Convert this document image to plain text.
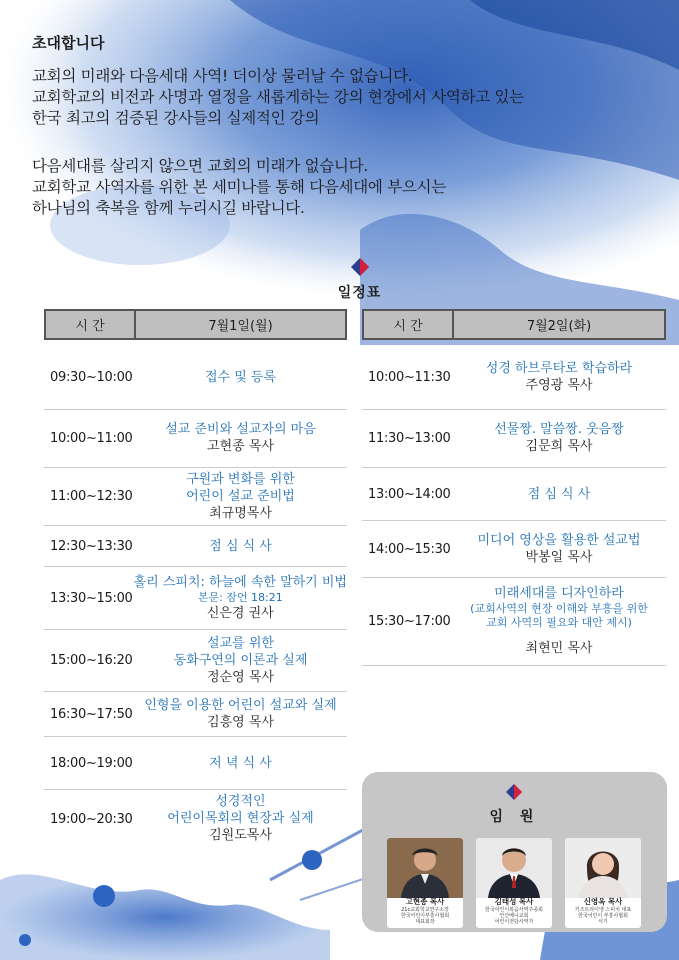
초대합니다
교회의 미래와 다음세대 사역! 더이상 물러날 수 없습니다.
교회학교의 비전과 사명과 열정을 새롭게하는 강의 현장에서 사역하고 있는
한국 최고의 검증된 강사들의 실제적인 강의
다음세대를 살리지 않으면 교회의 미래가 없습니다.
교회학교 사역자를 위한 본 세미나를 통해 다음세대에 부으시는
하나님의 축복을 함께 누리시길 바랍니다.
일정표
시 간	7월1일(월)	시 간	7월2일(화)
09:30~10:00	접수 및 등록
10:00~11:00
설교 준비와 설교자의 마음
고현종 목사
11:00~12:30
구원과 변화를 위한
어린이 설교 준비법
최규명목사
12:30~13:30	점 심 식 사
13:30~15:00
홀리 스피치: 하늘에 속한 말하기 비법
본문: 잠언 18:21
신은경 권사
15:00~16:20
설교를 위한
동화구연의 이론과 실제
정순영 목사
16:30~17:50
인형을 이용한 어린이 설교와 실제
김흥영 목사
18:00~19:00	저 녁 식 사
19:00~20:30
성경적인
어린이목회의 현장과 실제
김원도목사
10:00~11:30
성경 하브루타로 학습하라
주영광 목사
11:30~13:00
선물짱. 말씀짱. 웃음짱
김문희 목사
13:00~14:00	점 심 식 사
14:00~15:30
미디어 영상을 활용한 설교법
박봉일 목사
15:30~17:00
미래세대를 디자인하라
(교회사역의 현장 이해와 부흥을 위한 교회 사역의 필요와 대안 제시)
최현민 목사
임 원
고현종 목사
21c교회학교연구소장
한국어린이부흥사협회
대표회장
김태성 목사
한국어린이복음사역주종회
안산베니교회
어린이전담사역자
신영옥 목사
키즈트라이앵 스피치 대표
한국어린이 부흥사협회
서기
